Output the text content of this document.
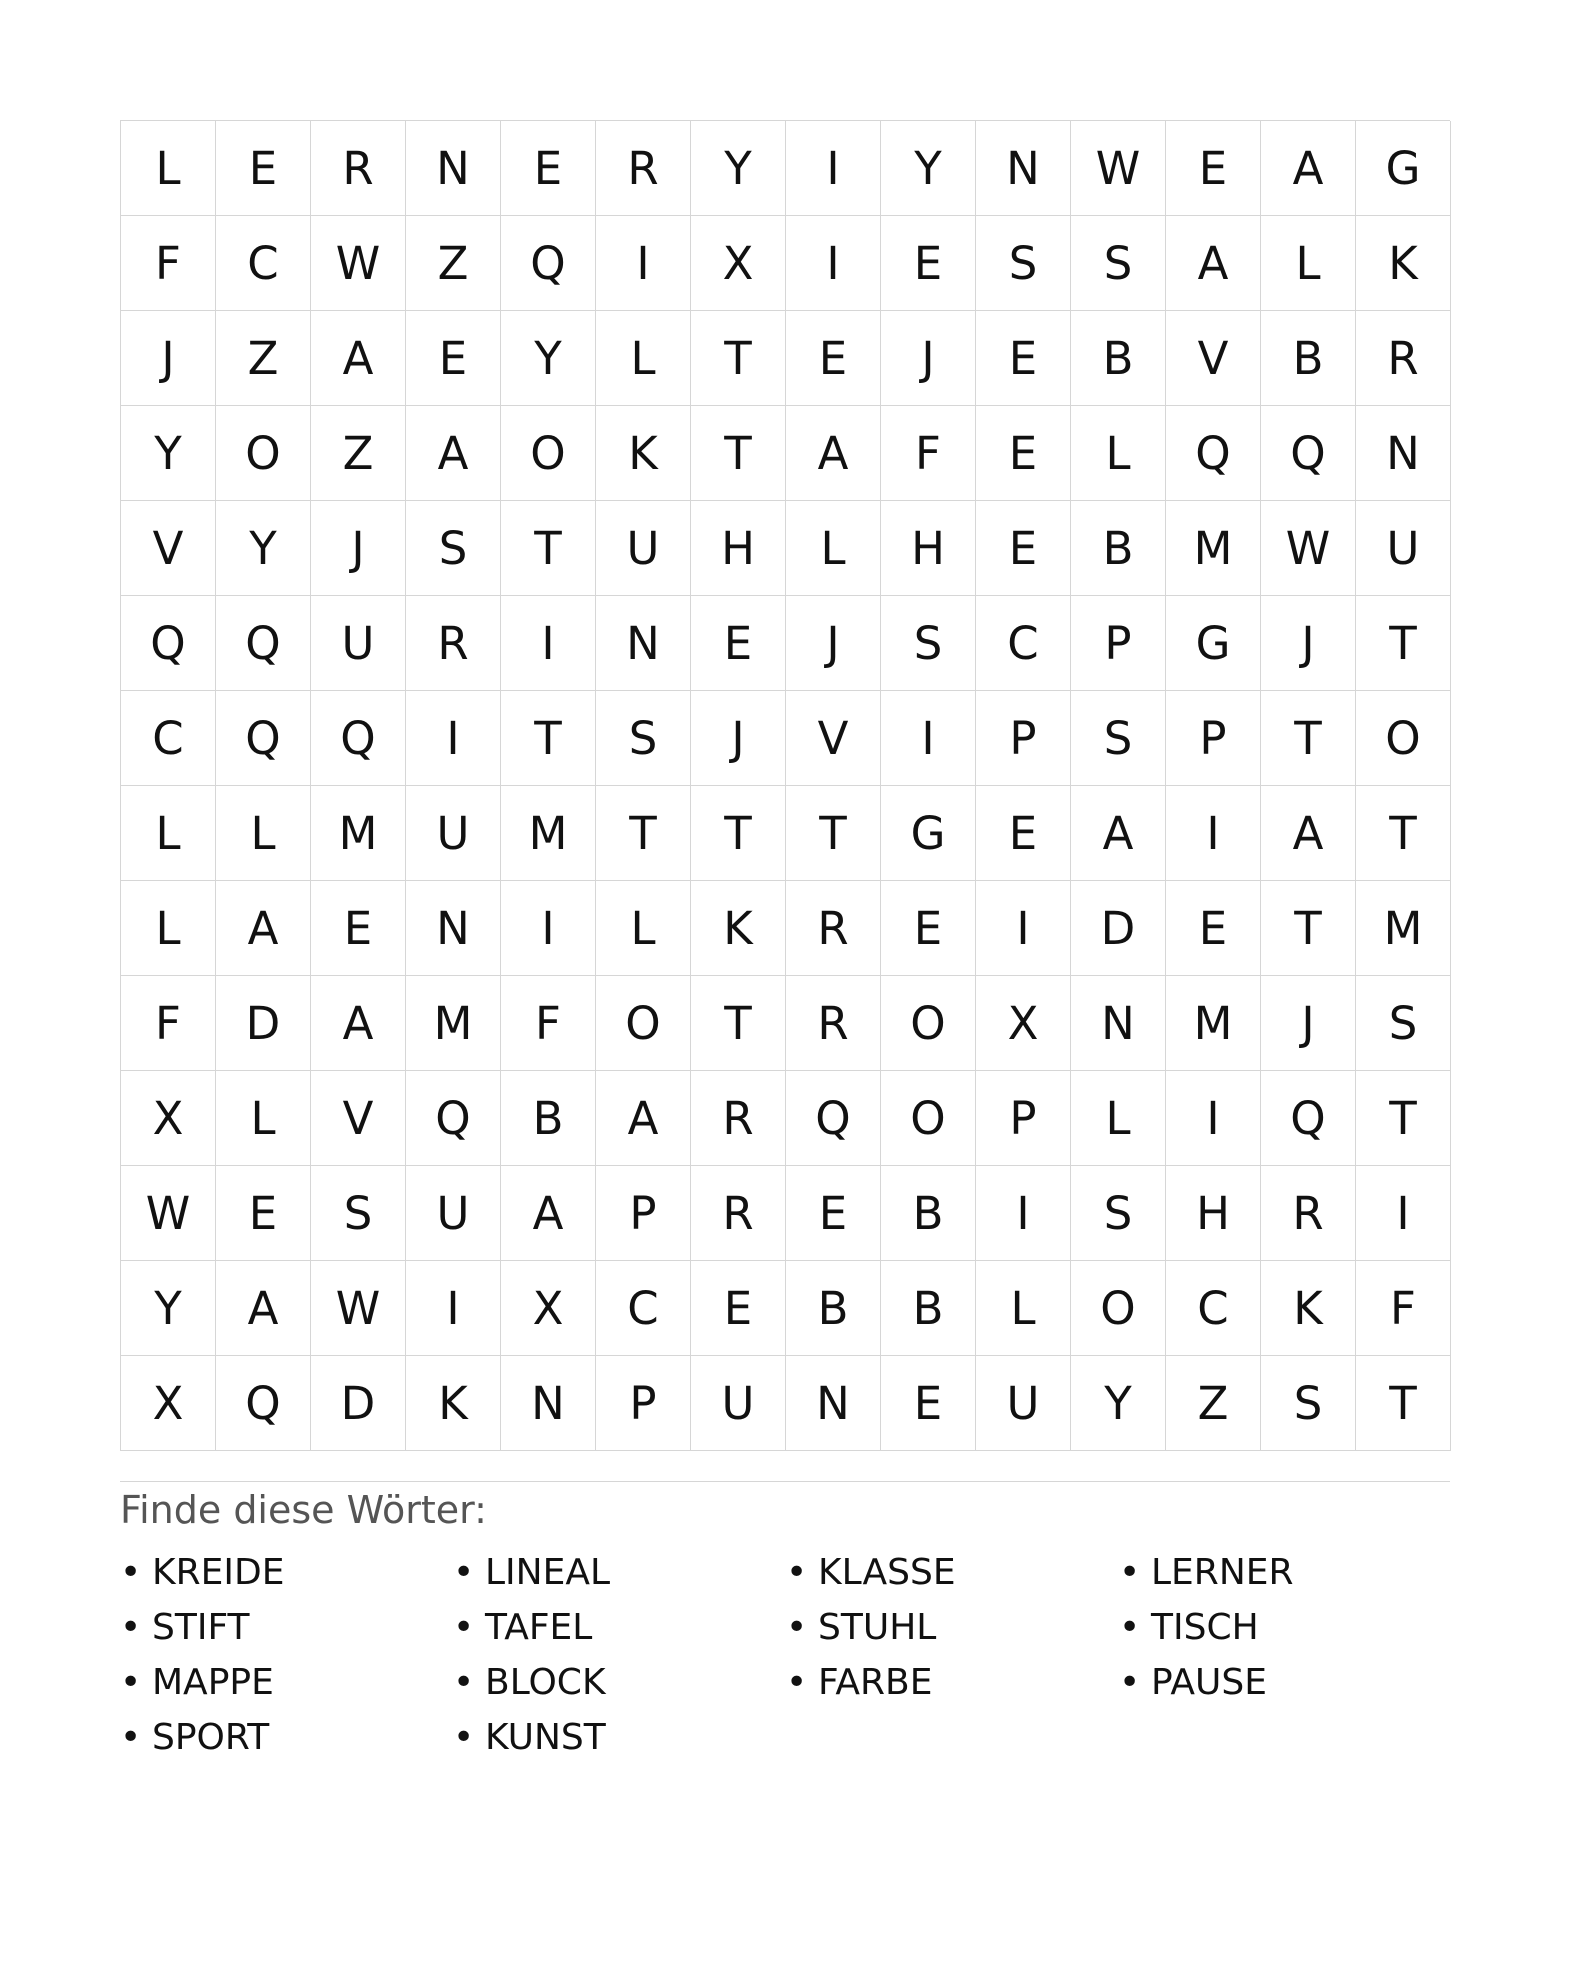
L	E	R	N	E	R	Y	I	Y	N	W	E	A	G
F	C	W	Z	Q	I	X	I	E	S	S	A	L	K
J	Z	A	E	Y	L	T	E	J	E	B	V	B	R
Y	O	Z	A	O	K	T	A	F	E	L	Q	Q	N
V	Y	J	S	T	U	H	L	H	E	B	M	W	U
Q	Q	U	R	I	N	E	J	S	C	P	G	J	T
C	Q	Q	I	T	S	J	V	I	P	S	P	T	O
L	L	M	U	M	T	T	T	G	E	A	I	A	T
L	A	E	N	I	L	K	R	E	I	D	E	T	M
F	D	A	M	F	O	T	R	O	X	N	M	J	S
X	L	V	Q	B	A	R	Q	O	P	L	I	Q	T
W	E	S	U	A	P	R	E	B	I	S	H	R	I
Y	A	W	I	X	C	E	B	B	L	O	C	K	F
X	Q	D	K	N	P	U	N	E	U	Y	Z	S	T
Finde diese Wörter:
• KREIDE	• LINEAL	• KLASSE	• LERNER
• STIFT	• TAFEL	• STUHL	• TISCH
• MAPPE	• BLOCK	• FARBE	• PAUSE
• SPORT	• KUNST
